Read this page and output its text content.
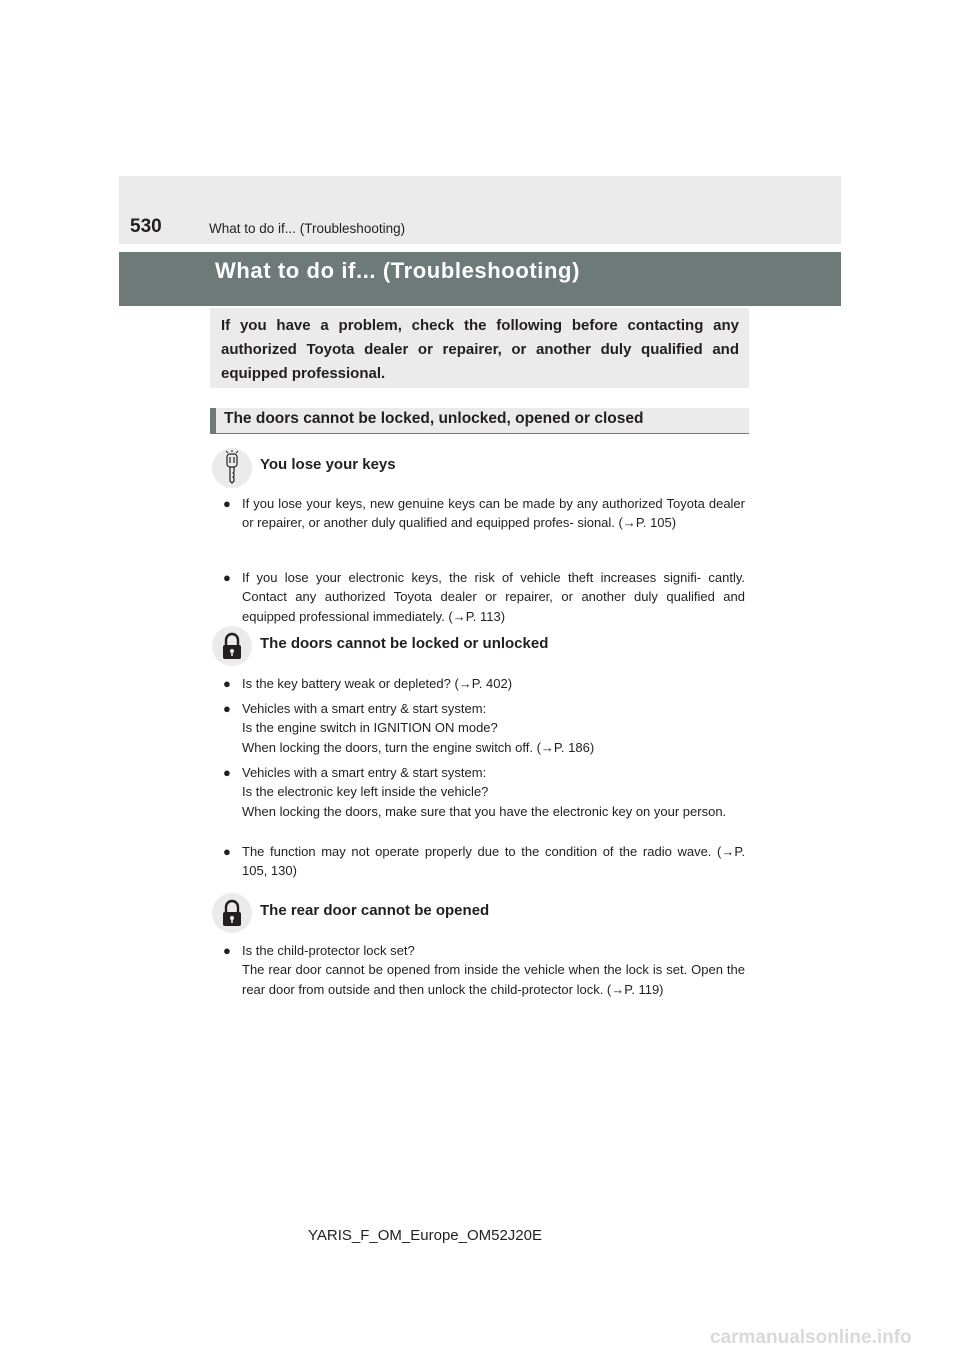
530	What to do if... (Troubleshooting)
What to do if... (Troubleshooting)
If you have a problem, check the following before contacting any authorized Toyota dealer or repairer, or another duly qualified and equipped professional.
The doors cannot be locked, unlocked, opened or closed
You lose your keys
● If you lose your keys, new genuine keys can be made by any authorized Toyota dealer or repairer, or another duly qualified and equipped profes- sional. (→P. 105)
● If you lose your electronic keys, the risk of vehicle theft increases signifi- cantly. Contact any authorized Toyota dealer or repairer, or another duly qualified and equipped professional immediately. (→P. 113)
The doors cannot be locked or unlocked
● Is the key battery weak or depleted? (→P. 402)
● Vehicles with a smart entry & start system:
Is the engine switch in IGNITION ON mode?
When locking the doors, turn the engine switch off. (→P. 186)
● Vehicles with a smart entry & start system:
Is the electronic key left inside the vehicle?
When locking the doors, make sure that you have the electronic key on your person.
● The function may not operate properly due to the condition of the radio wave. (→P. 105, 130)
The rear door cannot be opened
● Is the child-protector lock set?
The rear door cannot be opened from inside the vehicle when the lock is set. Open the rear door from outside and then unlock the child-protector lock. (→P. 119)
YARIS_F_OM_Europe_OM52J20E
carmanualsonline.info
